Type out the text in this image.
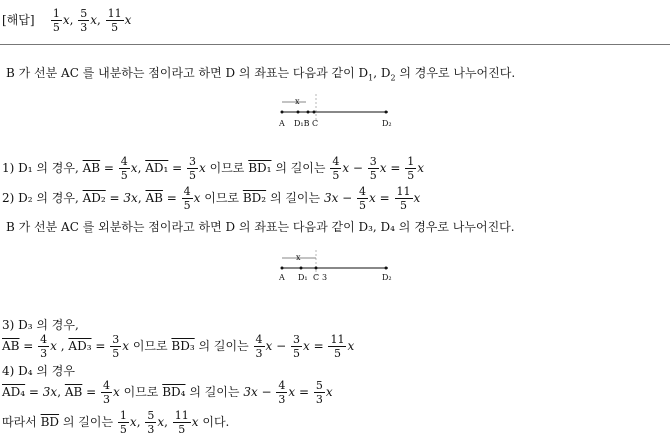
[해답] $\frac{1}{5} x$, $\frac{5}{3} x$, $\frac{11}{5}$ x
B 가 선분 AC 를 내분하는 점이라고 하면 D 의 좌표는 다음과 같이 $D_1$, $D_2$ 의 경우로 나누어진다.
x
A D₁B C	D₂
1) D₁ 의 경우, $\overline{AB} = \frac{4}{5} x$, $AD_1 = \frac{3}{5}$ x 이므로 BD₁ 의 길이는 $\frac{4}{5}$ $x - \frac{3}{5}$ $x = \frac{1}{5}$ x
2) D₂ 의 경우, AD₂ = 3x, $\overline{AB} = \frac{4}{5}$ x 이므로 BD₂ 의 길이는 $3x - \frac{4}{5}$ $x = \frac{11}{5}$ x
B 가 선분 AC 를 외분하는 점이라고 하면 D 의 좌표는 다음과 같이 D₃, D₄ 의 경우로 나누어진다.
x
A D₁ C 3	D₂
3) D₃ 의 경우,
$\overline{AB} = \frac{4}{3}$ x , $AD_3 = \frac{3}{5}$ x 이므로 BD₃ 의 길이는 $\frac{4}{3}$ $x - \frac{3}{5}$ $x = \frac{11}{5}$ x
4) D₄ 의 경우
AD₄ = 3x, $\overline{AB} = \frac{4}{3}$ x 이므로 BD₄ 의 길이는 $3x - \frac{4}{3}$ $x = \frac{5}{3}$ x
따라서 $\overline{BD}$ 의 길이는 $\frac{1}{5} x$, $\frac{5}{3} x$, $\frac{11}{5}$ x 이다.
